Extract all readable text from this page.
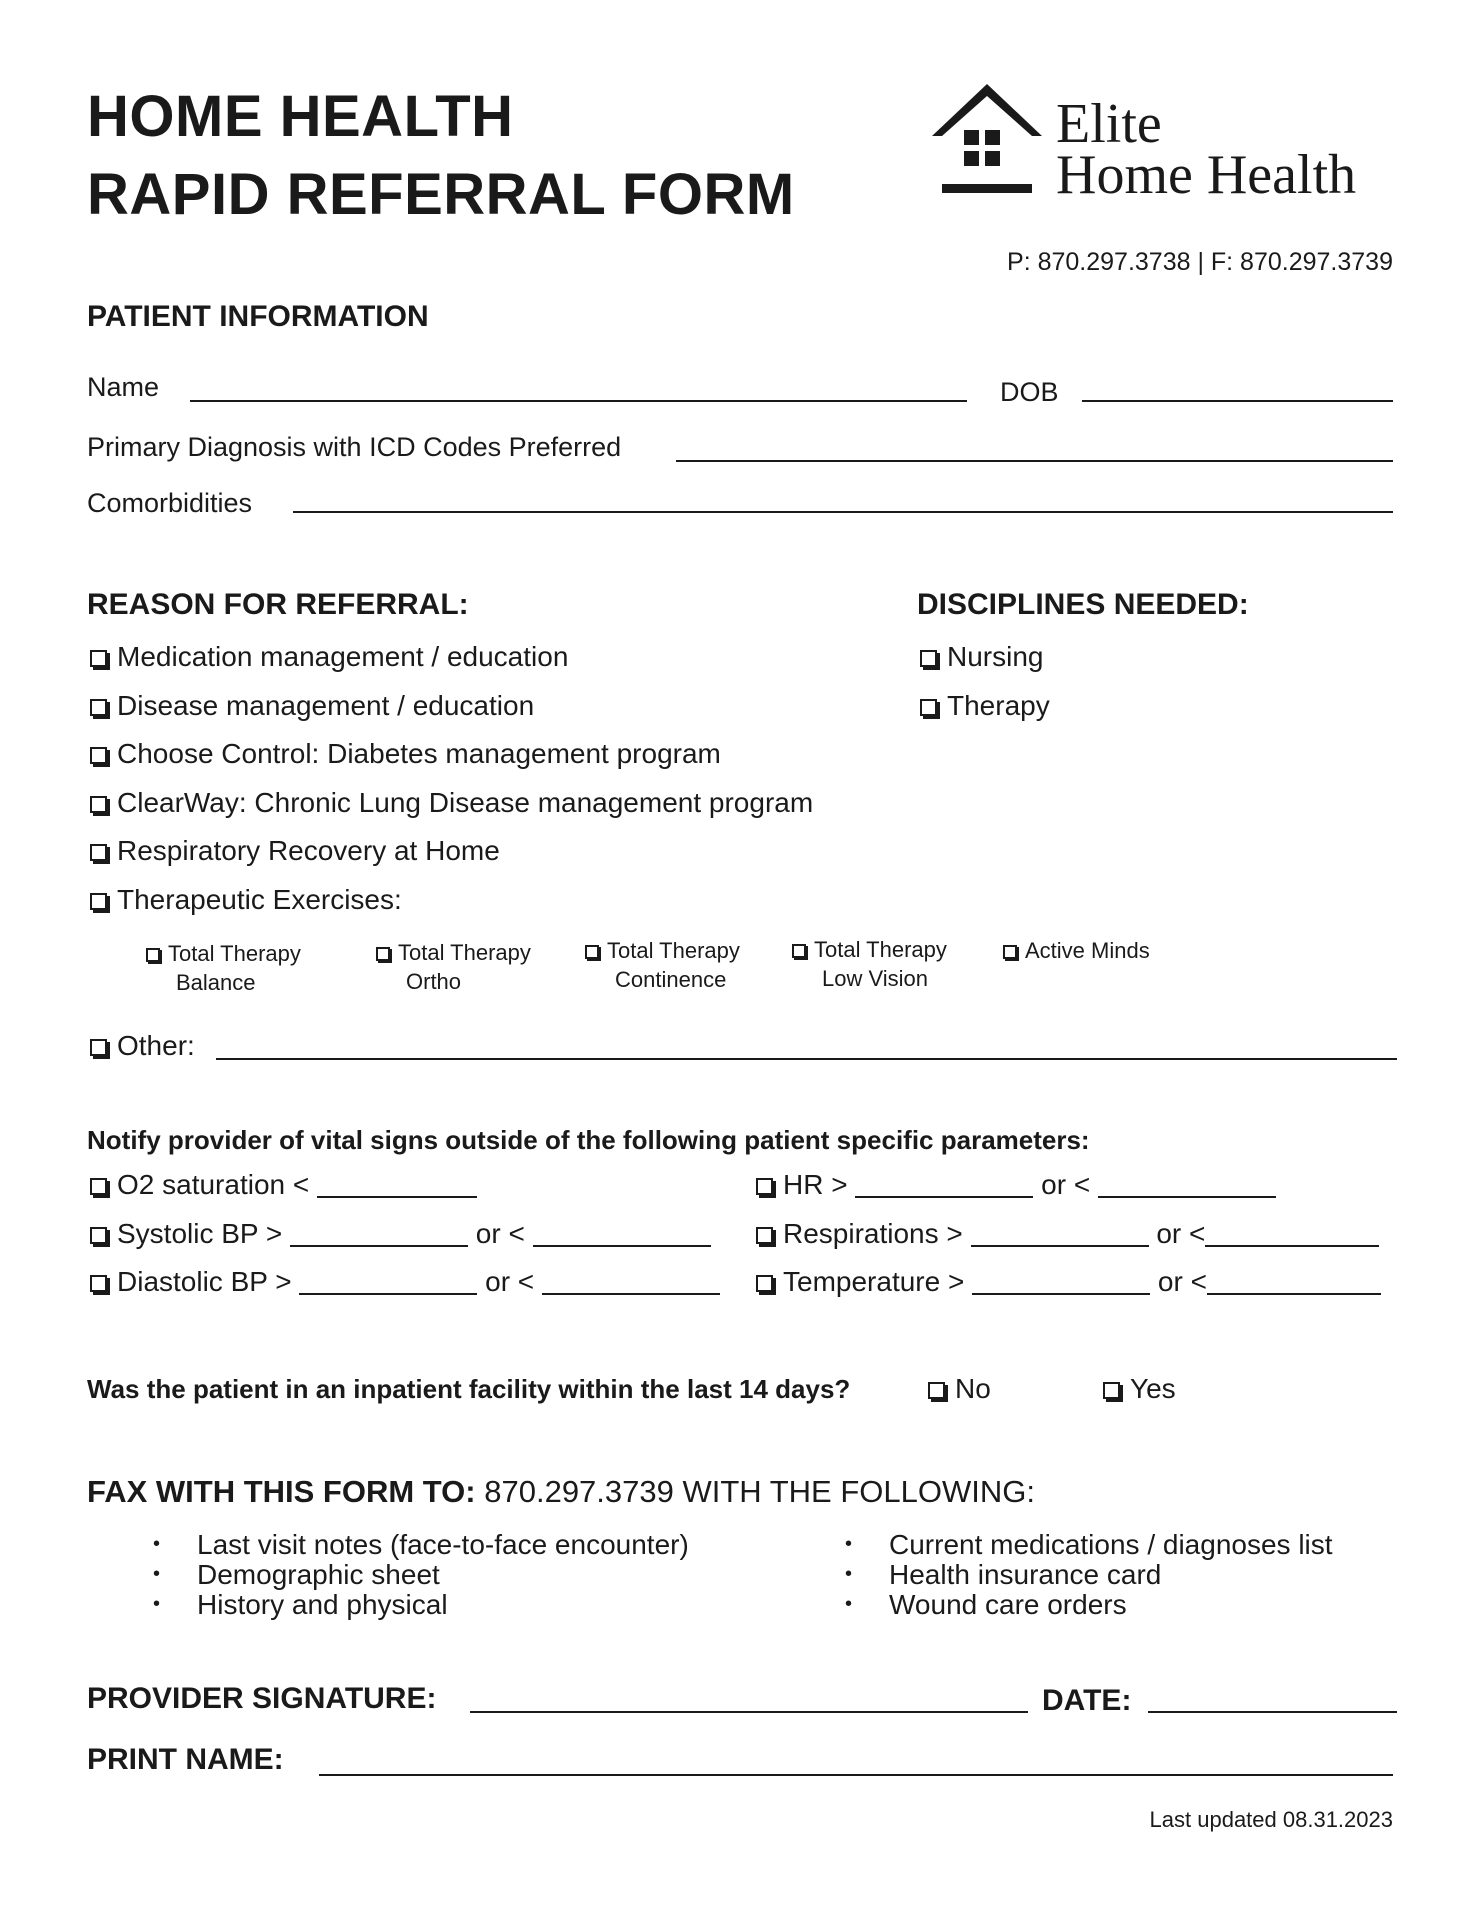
HOME HEALTH
RAPID REFERRAL FORM
Elite
Home Health
P: 870.297.3738 | F: 870.297.3739
PATIENT INFORMATION
Name	DOB
Primary Diagnosis with ICD Codes Preferred
Comorbidities
REASON FOR REFERRAL:
Medication management / education
Disease management / education
Choose Control: Diabetes management program
ClearWay: Chronic Lung Disease management program
Respiratory Recovery at Home
Therapeutic Exercises:
Total Therapy
Balance
Total Therapy
Ortho
Total Therapy
Continence
Total Therapy
Low Vision
Active Minds
Other:
DISCIPLINES NEEDED:
Nursing
Therapy
Notify provider of vital signs outside of the following patient specific parameters:
O2 saturation <
Systolic BP >	or <
Diastolic BP >	or <
HR >	or <
Respirations >	or <
Temperature >	or <
Was the patient in an inpatient facility within the last 14 days?	No	Yes
FAX WITH THIS FORM TO: 870.297.3739 WITH THE FOLLOWING:
• Last visit notes (face-to-face encounter)
• Demographic sheet
• History and physical
• Current medications / diagnoses list
• Health insurance card
• Wound care orders
PROVIDER SIGNATURE:	DATE:
PRINT NAME:
Last updated 08.31.2023
